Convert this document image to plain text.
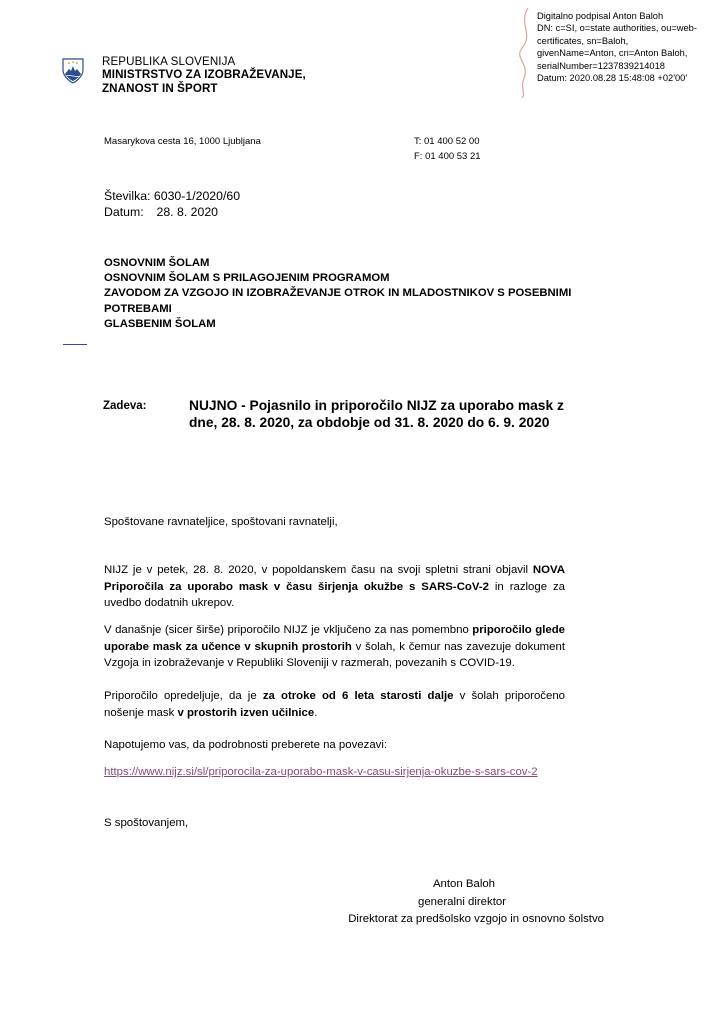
Digitalno podpisal Anton Baloh
DN: c=SI, o=state authorities, ou=web-
certificates, sn=Baloh,
givenName=Anton, cn=Anton Baloh,
serialNumber=1237839214018
Datum: 2020.08.28 15:48:08 +02'00'
REPUBLIKA SLOVENIJA
MINISTRSTVO ZA IZOBRAŽEVANJE,
ZNANOST IN ŠPORT
Masarykova cesta 16, 1000 Ljubljana	T: 01 400 52 00
F: 01 400 53 21
Številka: 6030-1/2020/60
Datum: 28. 8. 2020
OSNOVNIM ŠOLAM
OSNOVNIM ŠOLAM S PRILAGOJENIM PROGRAMOM
ZAVODOM ZA VZGOJO IN IZOBRAŽEVANJE OTROK IN MLADOSTNIKOV S POSEBNIMI POTREBAMI
GLASBENIM ŠOLAM
Zadeva:	NUJNO - Pojasnilo in priporočilo NIJZ za uporabo mask z
dne, 28. 8. 2020, za obdobje od 31. 8. 2020 do 6. 9. 2020
Spoštovane ravnateljice, spoštovani ravnatelji,
NIJZ je v petek, 28. 8. 2020, v popoldanskem času na svoji spletni strani objavil NOVA Priporočila za uporabo mask v času širjenja okužbe s SARS-CoV-2 in razloge za uvedbo dodatnih ukrepov.
V današnje (sicer širše) priporočilo NIJZ je vključeno za nas pomembno priporočilo glede uporabe mask za učence v skupnih prostorih v šolah, k čemur nas zavezuje dokument Vzgoja in izobraževanje v Republiki Sloveniji v razmerah, povezanih s COVID-19.
Priporočilo opredeljuje, da je za otroke od 6 leta starosti dalje v šolah priporočeno nošenje mask v prostorih izven učilnice.
Napotujemo vas, da podrobnosti preberete na povezavi:
https://www.nijz.si/sl/priporocila-za-uporabo-mask-v-casu-sirjenja-okuzbe-s-sars-cov-2
S spoštovanjem,
Anton Baloh
generalni direktor
Direktorat za predšolsko vzgojo in osnovno šolstvo
